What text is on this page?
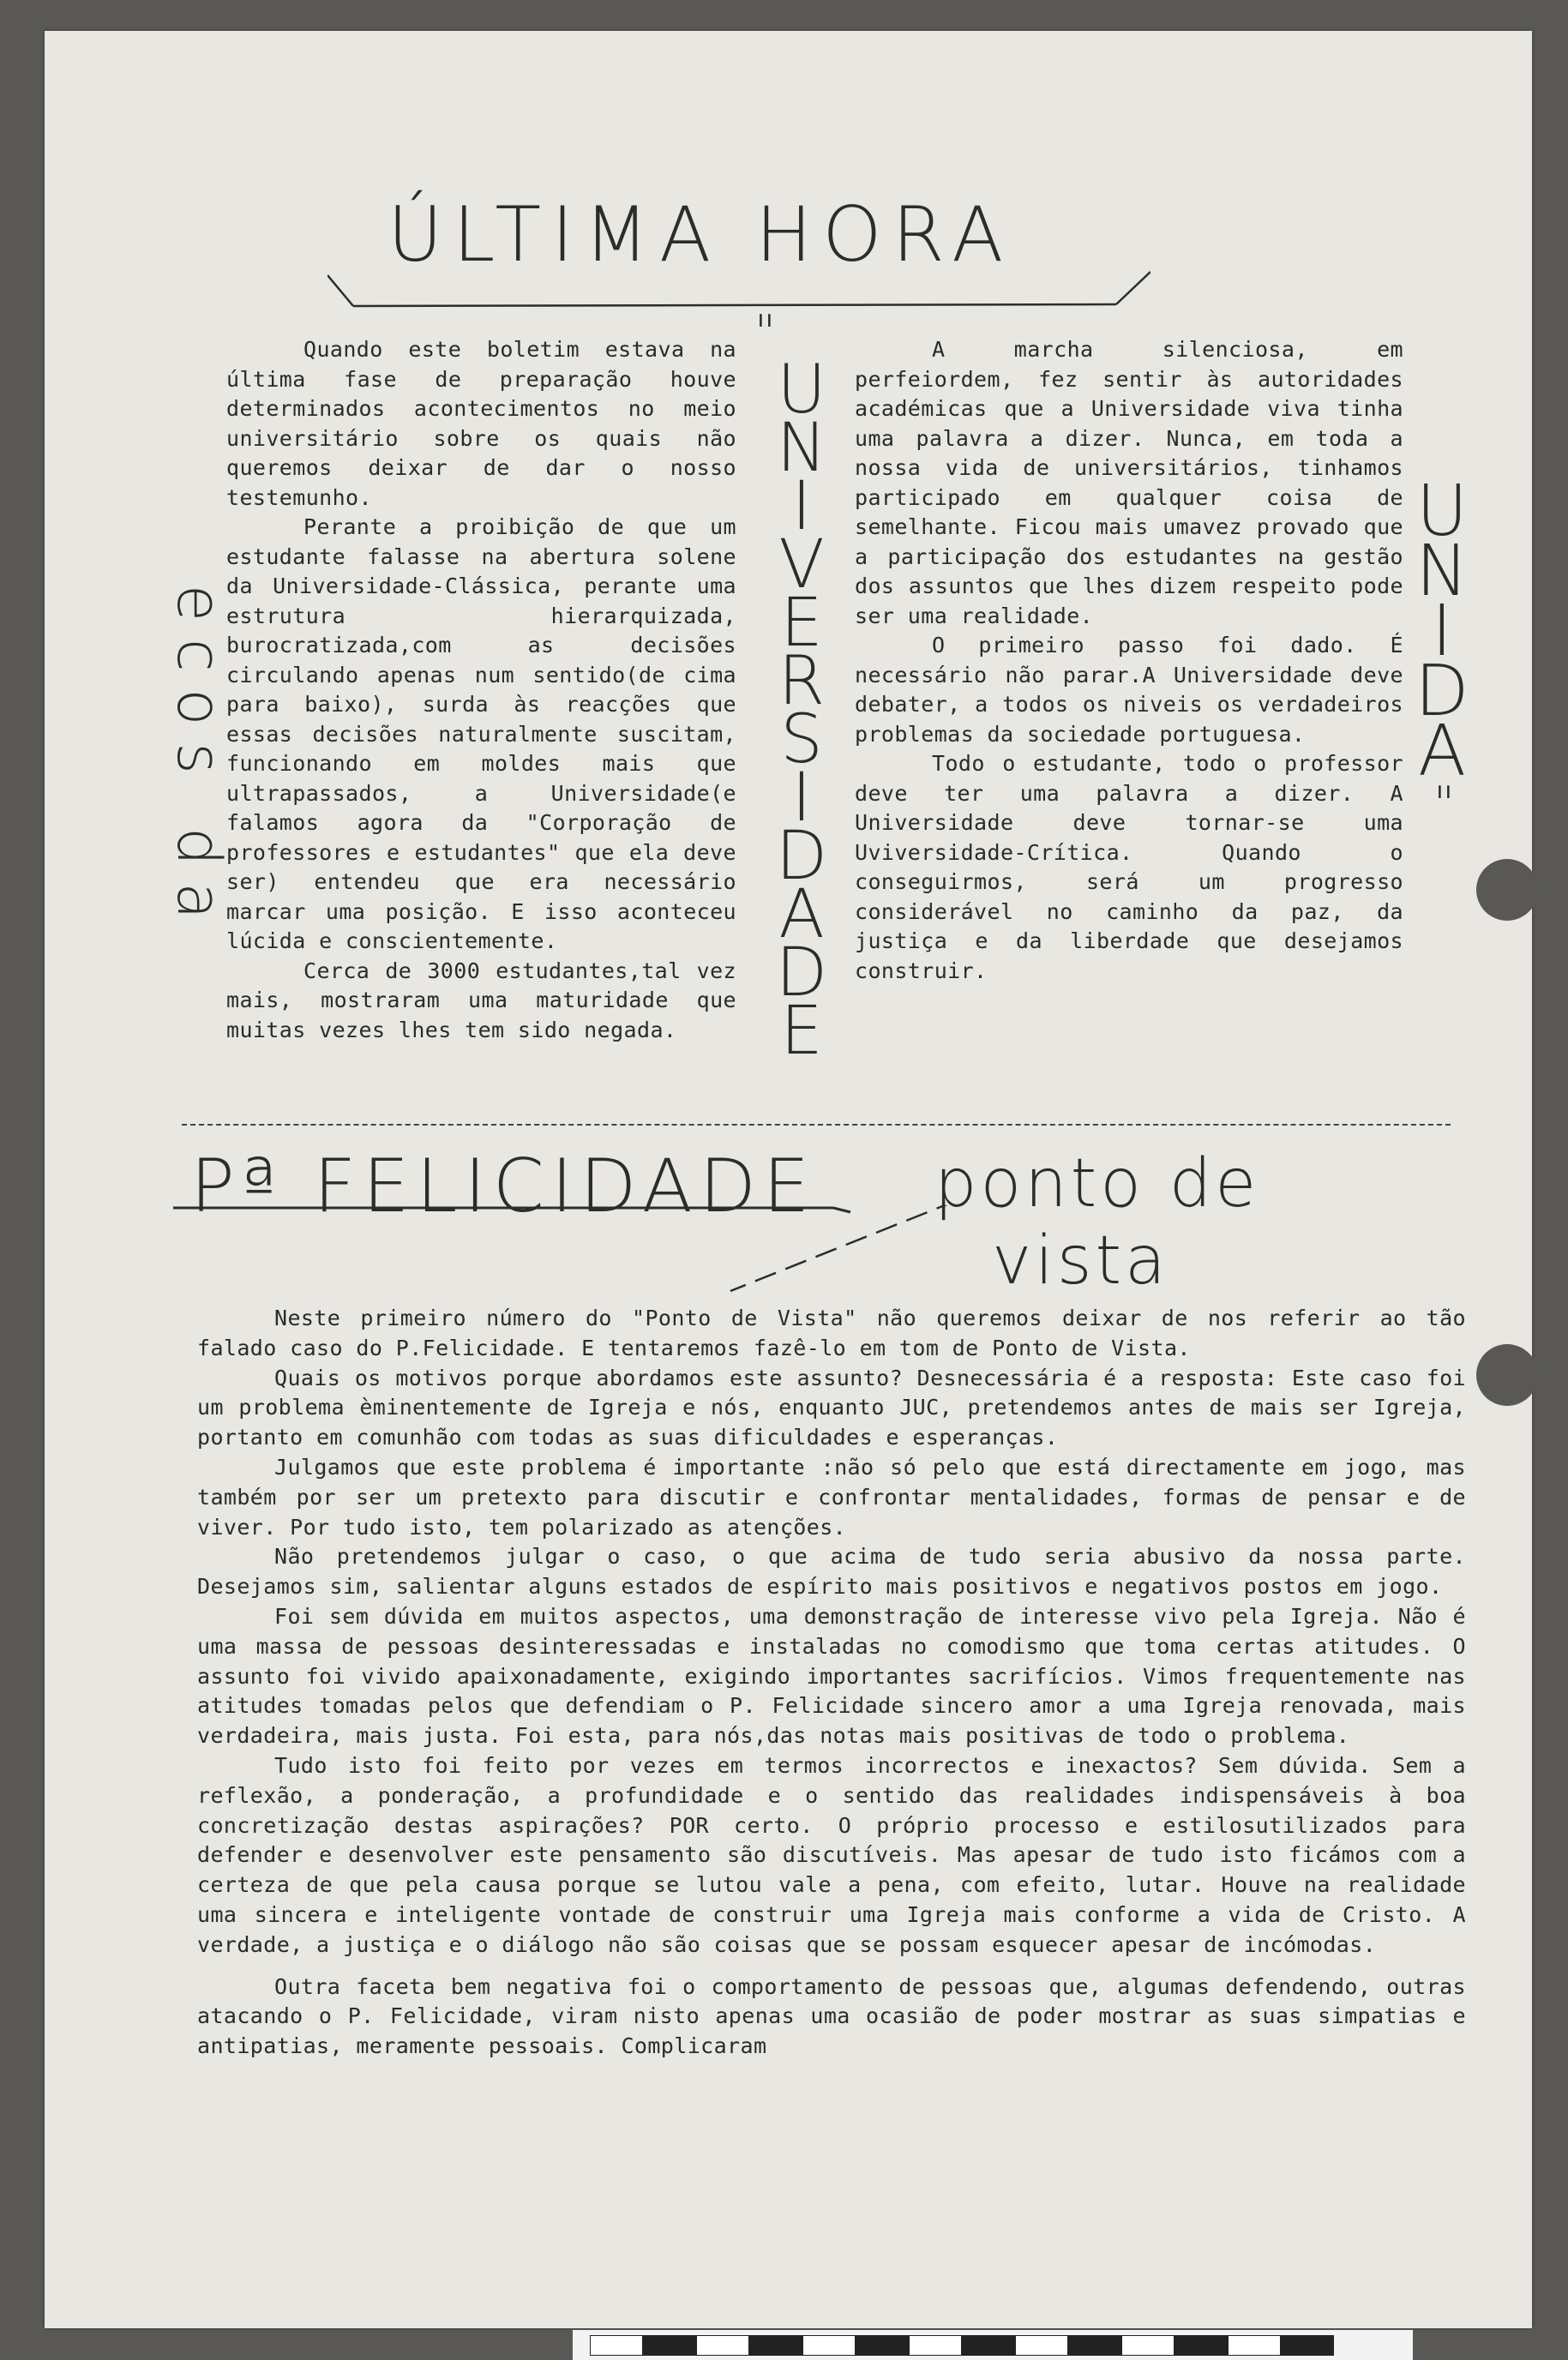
ÚLTIMA HORA
ecos da

Quando este boletim estava na última fase de preparação houve determinados acontecimentos no meio universitário sobre os quais não queremos deixar de dar o nosso testemunho.

Perante a proibição de que um estudante falasse na abertura solene da Universidade-Clássica, perante uma estrutura hierarquizada, burocratizada,com as decisões circulando apenas num sentido(de cima para baixo), surda às reacções que essas decisões naturalmente suscitam, funcionando em moldes mais que ultrapassados, a Universidade(e falamos agora da "Corporação de professores e estudantes" que ela deve ser) entendeu que era necessário marcar uma posição. E isso aconteceu lúcida e conscientemente.

Cerca de 3000 estudantes,tal vez mais, mostraram uma maturidade que muitas vezes lhes tem sido negada.

"
U
N
I
V
E
R
S
I
D
A
D
E

A marcha silenciosa, em perfeiordem, fez sentir às autoridades académicas que a Universidade viva tinha uma palavra a dizer. Nunca, em toda a nossa vida de universitários, tinhamos participado em qualquer coisa de semelhante. Ficou mais umavez provado que a participação dos estudantes na gestão dos assuntos que lhes dizem respeito pode ser uma realidade.

O primeiro passo foi dado. É necessário não parar.A Universidade deve debater, a todos os niveis os verdadeiros problemas da sociedade portuguesa.

Todo o estudante, todo o professor deve ter uma palavra a dizer. A Universidade deve tornar-se uma Uviversidade-Crítica. Quando o conseguirmos, será um progresso considerável no caminho da paz, da justiça e da liberdade que desejamos construir.

U
N
I
D
A
"
Pª FELICIDADE ponto de
vista

Neste primeiro número do "Ponto de Vista" não queremos deixar de nos referir ao tão falado caso do P.Felicidade. E tentaremos fazê-lo em tom de Ponto de Vista.

Quais os motivos porque abordamos este assunto? Desnecessária é a resposta: Este caso foi um problema èminentemente de Igreja e nós, enquanto JUC, pretendemos antes de mais ser Igreja, portanto em comunhão com todas as suas dificuldades e esperanças.

Julgamos que este problema é importante :não só pelo que está directamente em jogo, mas também por ser um pretexto para discutir e confrontar mentalidades, formas de pensar e de viver. Por tudo isto, tem polarizado as atenções.

Não pretendemos julgar o caso, o que acima de tudo seria abusivo da nossa parte. Desejamos sim, salientar alguns estados de espírito mais positivos e negativos postos em jogo.

Foi sem dúvida em muitos aspectos, uma demonstração de interesse vivo pela Igreja. Não é uma massa de pessoas desinteressadas e instaladas no comodismo que toma certas atitudes. O assunto foi vivido apaixonadamente, exigindo importantes sacrifícios. Vimos frequentemente nas atitudes tomadas pelos que defendiam o P. Felicidade sincero amor a uma Igreja renovada, mais verdadeira, mais justa. Foi esta, para nós,das notas mais positivas de todo o problema.

Tudo isto foi feito por vezes em termos incorrectos e inexactos? Sem dúvida. Sem a reflexão, a ponderação, a profundidade e o sentido das realidades indispensáveis à boa concretização destas aspirações? POR certo. O próprio processo e estilosutilizados para defender e desenvolver este pensamento são discutíveis. Mas apesar de tudo isto ficámos com a certeza de que pela causa porque se lutou vale a pena, com efeito, lutar. Houve na realidade uma sincera e inteligente vontade de construir uma Igreja mais conforme a vida de Cristo. A verdade, a justiça e o diálogo não são coisas que se possam esquecer apesar de incómodas.

Outra faceta bem negativa foi o comportamento de pessoas que, algumas defendendo, outras atacando o P. Felicidade, viram nisto apenas uma ocasião de poder mostrar as suas simpatias e antipatias, meramente pessoais. Complicaram
